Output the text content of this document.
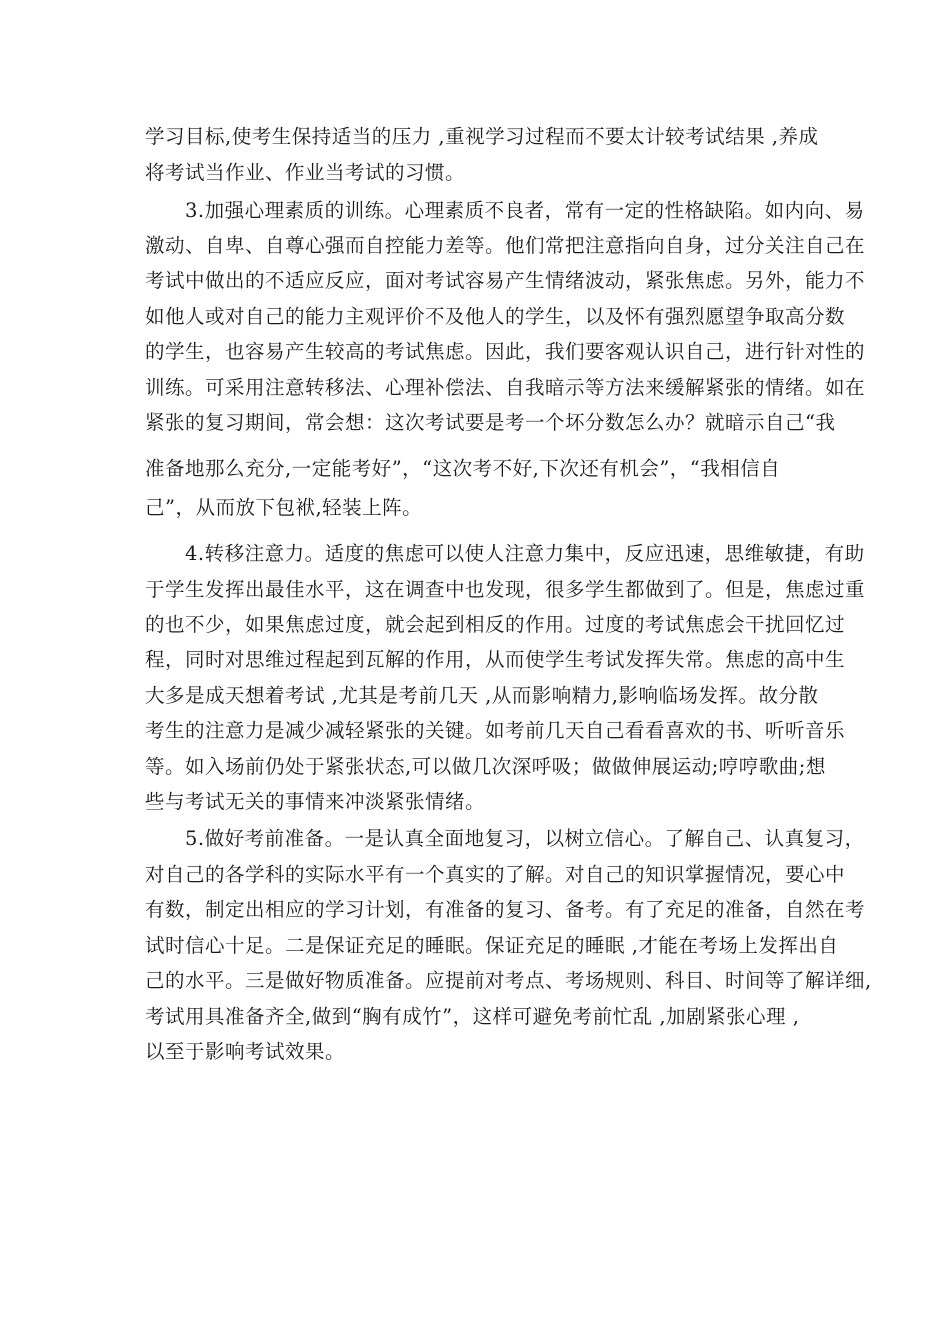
学习目标,使考生保持适当的压力 ,重视学习过程而不要太计较考试结果 ,养成
将考试当作业、作业当考试的习惯。
3.加强心理素质的训练。心理素质不良者，常有一定的性格缺陷。如内向、易
激动、自卑、自尊心强而自控能力差等。他们常把注意指向自身，过分关注自己在
考试中做出的不适应反应，面对考试容易产生情绪波动，紧张焦虑。另外，能力不
如他人或对自己的能力主观评价不及他人的学生，以及怀有强烈愿望争取高分数
的学生，也容易产生较高的考试焦虑。因此，我们要客观认识自己，进行针对性的
训练。可采用注意转移法、心理补偿法、自我暗示等方法来缓解紧张的情绪。如在
紧张的复习期间，常会想：这次考试要是考一个坏分数怎么办？就暗示自己“我
准备地那么充分,一定能考好”，“这次考不好,下次还有机会”，“我相信自
己”，从而放下包袱,轻装上阵。
4.转移注意力。适度的焦虑可以使人注意力集中，反应迅速，思维敏捷，有助
于学生发挥出最佳水平，这在调查中也发现，很多学生都做到了。但是，焦虑过重
的也不少，如果焦虑过度，就会起到相反的作用。过度的考试焦虑会干扰回忆过
程，同时对思维过程起到瓦解的作用，从而使学生考试发挥失常。焦虑的高中生
大多是成天想着考试 ,尤其是考前几天 ,从而影响精力,影响临场发挥。故分散
考生的注意力是减少减轻紧张的关键。如考前几天自己看看喜欢的书、听听音乐
等。如入场前仍处于紧张状态,可以做几次深呼吸；做做伸展运动;哼哼歌曲;想
些与考试无关的事情来冲淡紧张情绪。
5.做好考前准备。一是认真全面地复习，以树立信心。了解自己、认真复习，
对自己的各学科的实际水平有一个真实的了解。对自己的知识掌握情况，要心中
有数，制定出相应的学习计划，有准备的复习、备考。有了充足的准备，自然在考
试时信心十足。二是保证充足的睡眠。保证充足的睡眠 ,才能在考场上发挥出自
己的水平。三是做好物质准备。应提前对考点、考场规则、科目、时间等了解详细,
考试用具准备齐全,做到“胸有成竹”，这样可避免考前忙乱 ,加剧紧张心理 ,
以至于影响考试效果。
